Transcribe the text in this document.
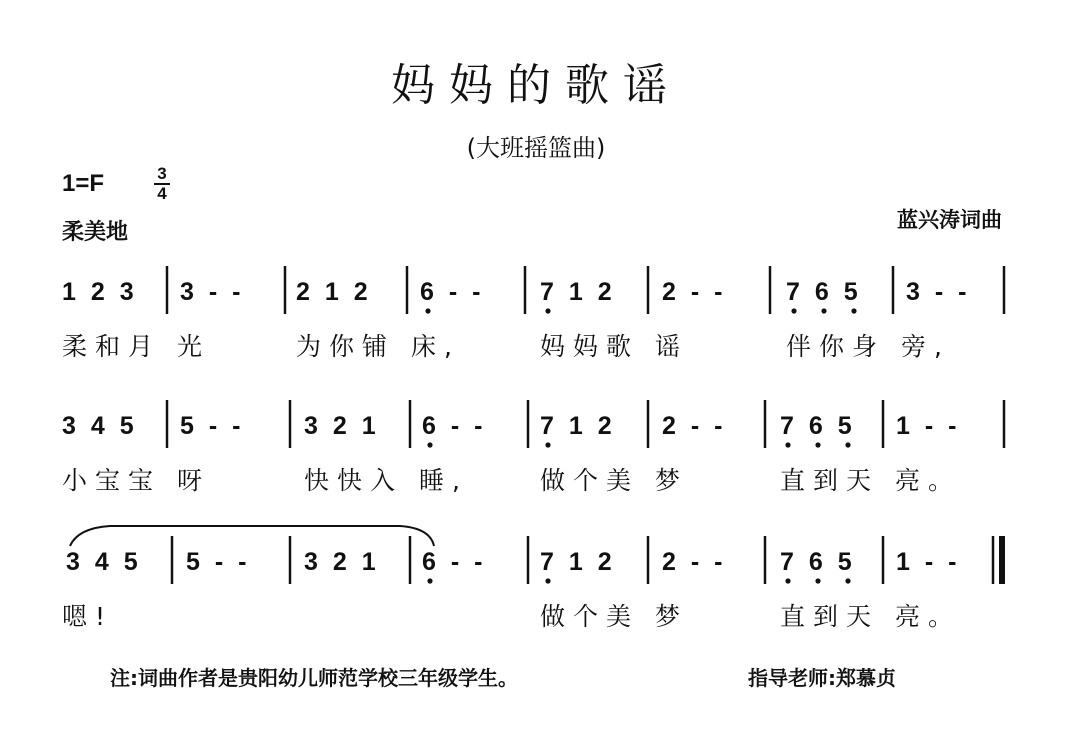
妈妈的歌谣
(大班摇篮曲)
1=F	3
4
柔美地	蓝兴涛词曲
1 2 3 3 - - 2 1 2 6 - - 7 1 2 2 - - 7 6 5 3 - -
柔和月 光	为你铺 床,	妈妈歌 谣	伴你身 旁,
3 4 5 5 - - 3 2 1 6 - - 7 1 2 2 - - 7 6 5 1 - -
小宝宝 呀	快快入 睡,	做个美 梦	直到天 亮。
3 4 5 5 - - 3 2 1 6 - - 7 1 2 2 - - 7 6 5 1 - -
嗯!	做个美 梦	直到天 亮。
注:词曲作者是贵阳幼儿师范学校三年级学生。	指导老师:郑慕贞
